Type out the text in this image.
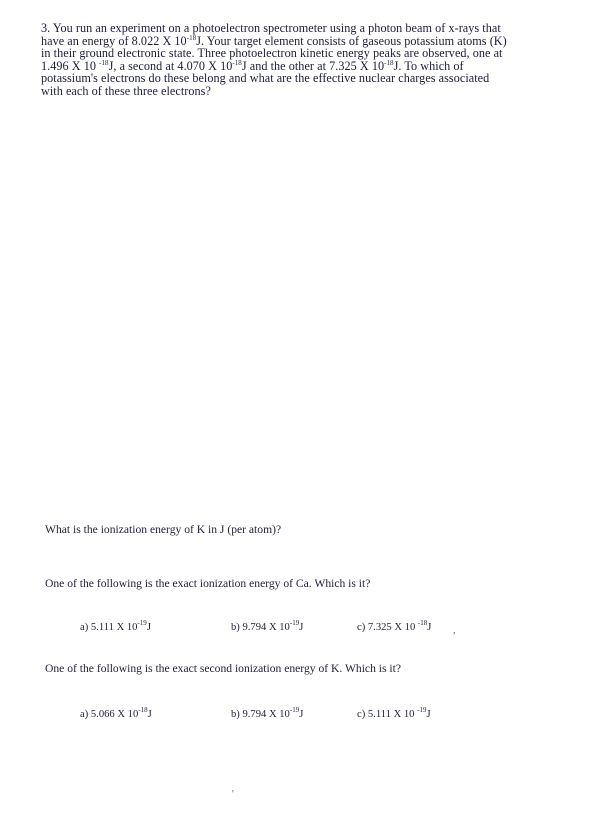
3. You run an experiment on a photoelectron spectrometer using a photon beam of x-rays that
have an energy of 8.022 X $10^{-18}J$. Your target element consists of gaseous potassium atoms (K)
in their ground electronic state. Three photoelectron kinetic energy peaks are observed, one at
1.496 X 10 $^{-18}$J, a second at 4.070 X $10^{-18}J$ and the other at 7.325 X $10^{-18}J$. To which of
potassium's electrons do these belong and what are the effective nuclear charges associated
with each of these three electrons?
What is the ionization energy of K in J (per atom)?
One of the following is the exact ionization energy of Ca. Which is it?
a) 5.111 X $10^{-19}J$	b) 9.794 X $10^{-19}J$	c) 7.325 X 10 $^{-18}$J ,
One of the following is the exact second ionization energy of K. Which is it?
a) 5.066 X $10^{-18}J$	b) 9.794 X $10^{-19}J$	c) 5.111 X 10 $^{-19}$J
'
